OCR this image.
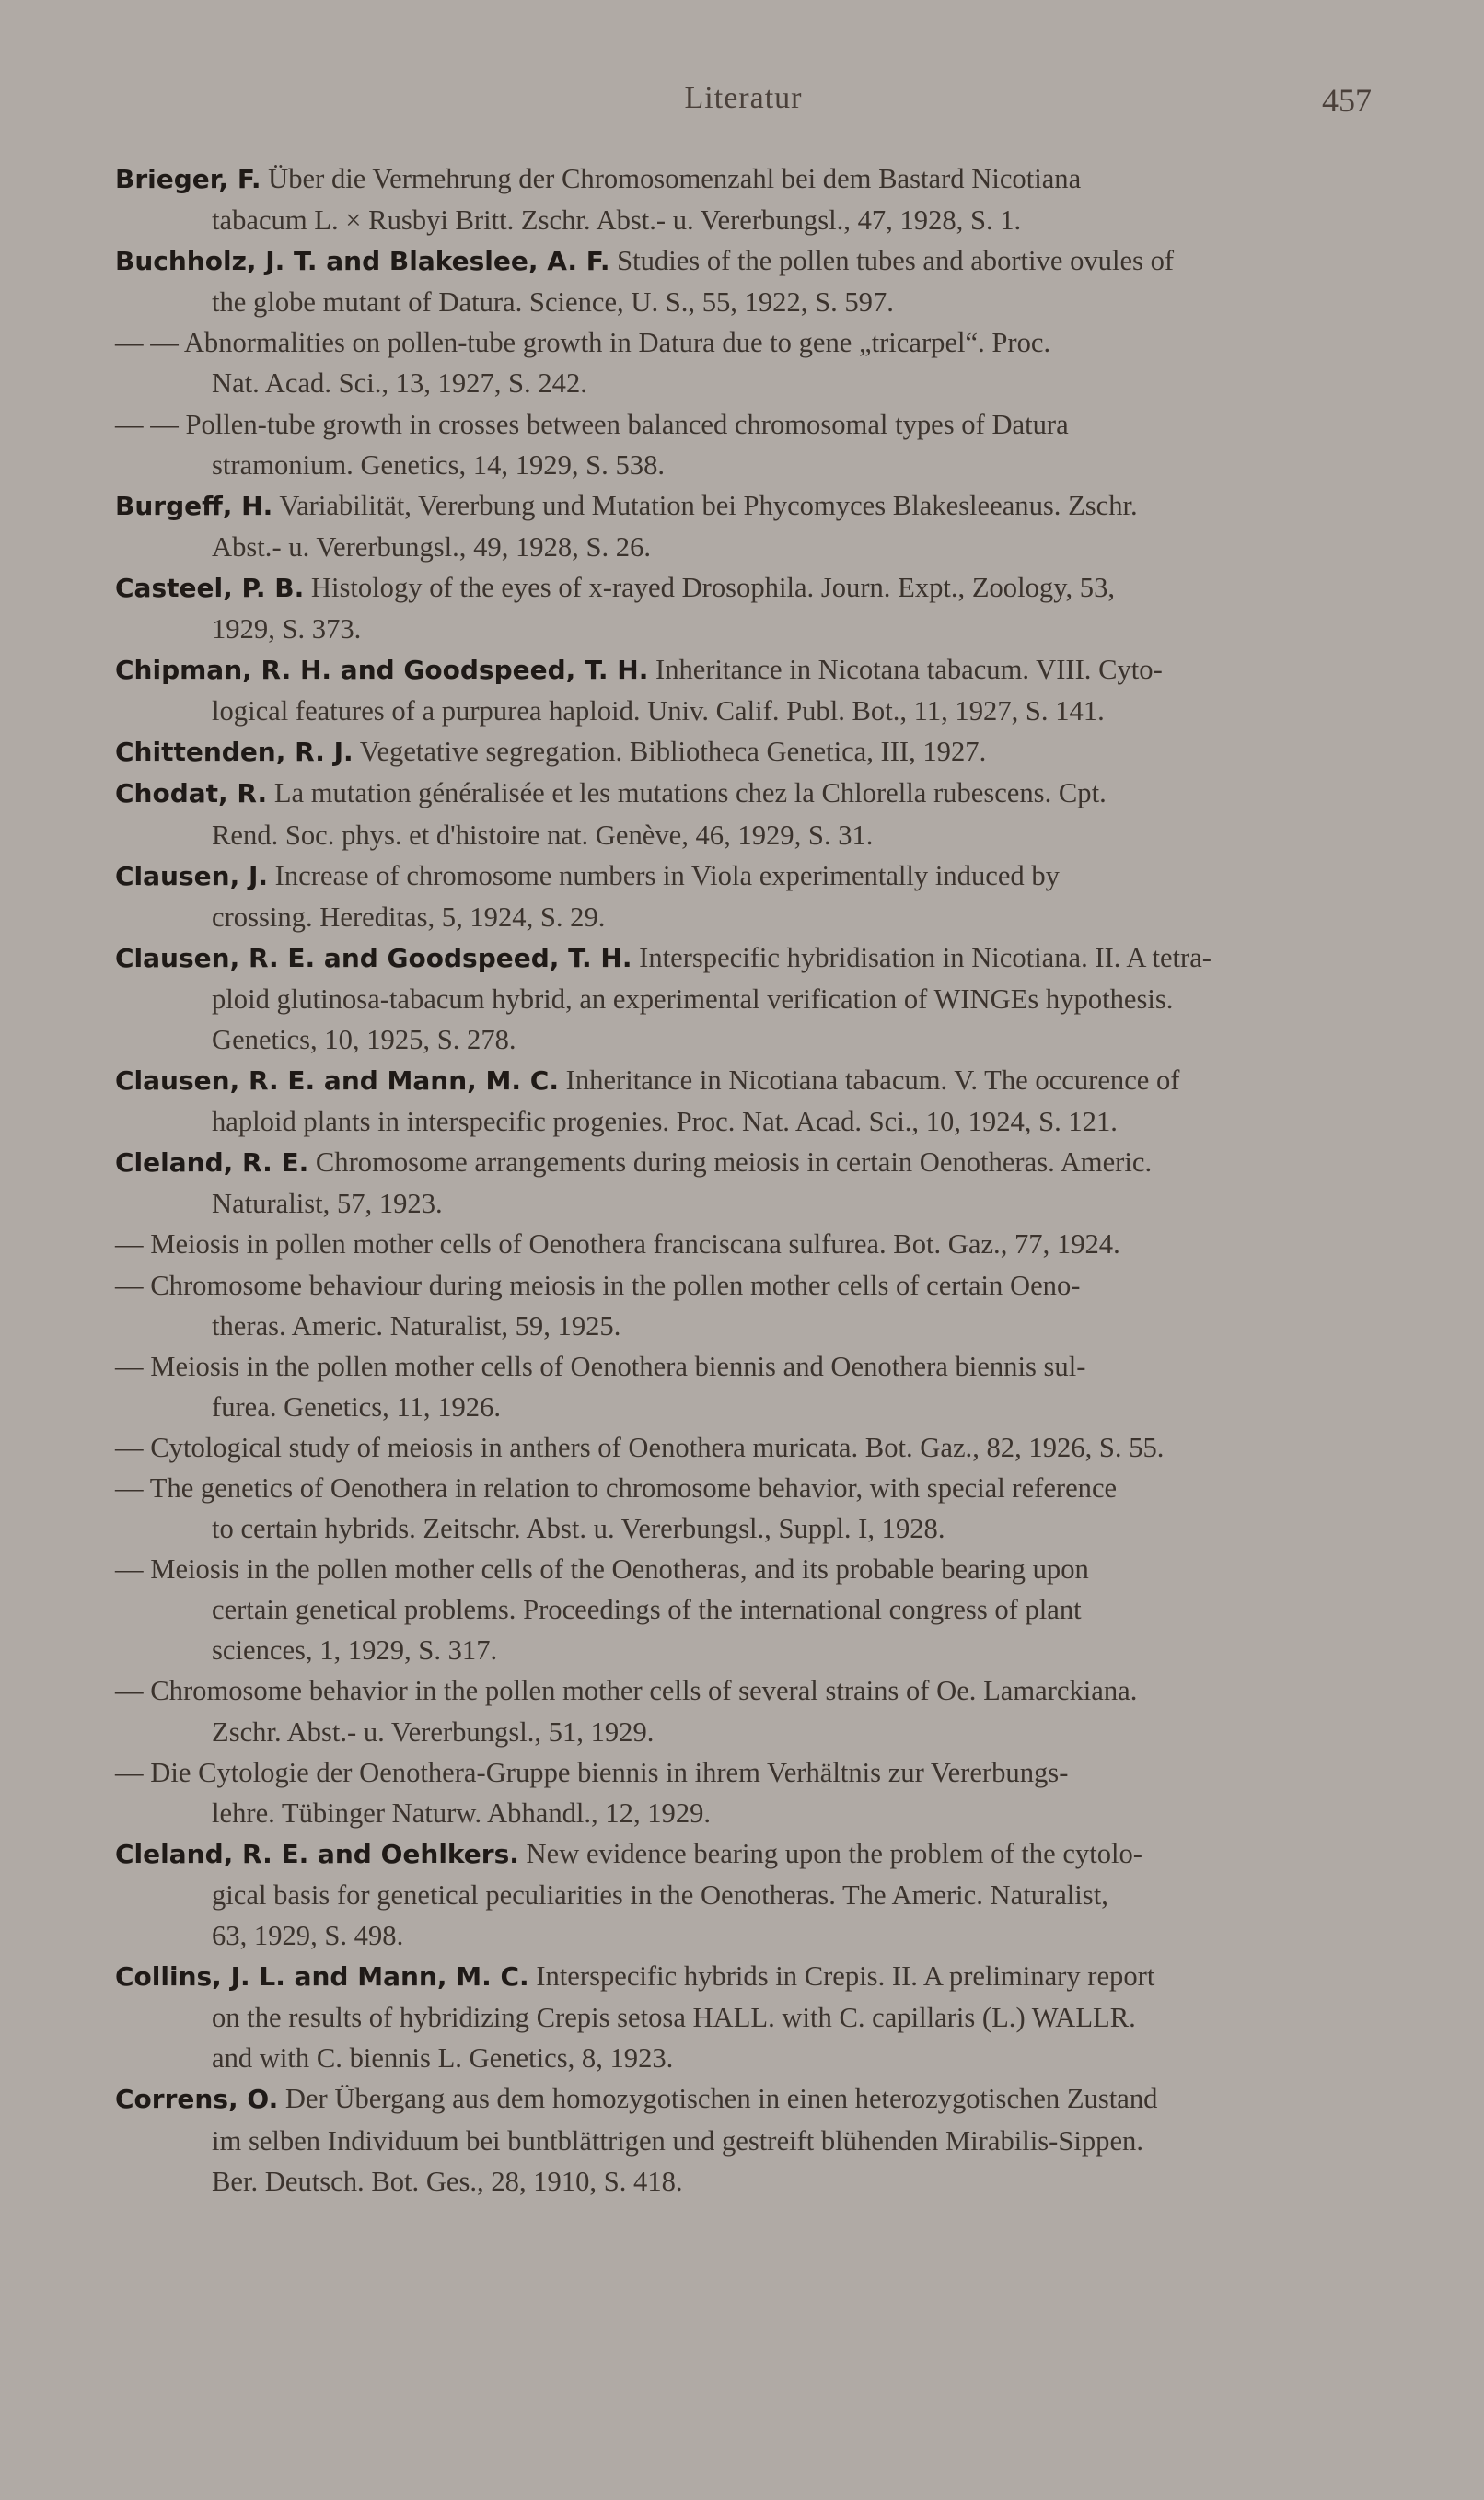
Literatur	457
Brieger, F. Über die Vermehrung der Chromosomenzahl bei dem Bastard Nicotiana
tabacum L. × Rusbyi Britt. Zschr. Abst.- u. Vererbungsl., 47, 1928, S. 1.
Buchholz, J. T. and Blakeslee, A. F. Studies of the pollen tubes and abortive ovules of
the globe mutant of Datura. Science, U. S., 55, 1922, S. 597.
— — Abnormalities on pollen-tube growth in Datura due to gene „tricarpel“. Proc.
Nat. Acad. Sci., 13, 1927, S. 242.
— — Pollen-tube growth in crosses between balanced chromosomal types of Datura
stramonium. Genetics, 14, 1929, S. 538.
Burgeff, H. Variabilität, Vererbung und Mutation bei Phycomyces Blakesleeanus. Zschr.
Abst.- u. Vererbungsl., 49, 1928, S. 26.
Casteel, P. B. Histology of the eyes of x-rayed Drosophila. Journ. Expt., Zoology, 53,
1929, S. 373.
Chipman, R. H. and Goodspeed, T. H. Inheritance in Nicotana tabacum. VIII. Cyto-
logical features of a purpurea haploid. Univ. Calif. Publ. Bot., 11, 1927, S. 141.
Chittenden, R. J. Vegetative segregation. Bibliotheca Genetica, III, 1927.
Chodat, R. La mutation généralisée et les mutations chez la Chlorella rubescens. Cpt.
Rend. Soc. phys. et d'histoire nat. Genève, 46, 1929, S. 31.
Clausen, J. Increase of chromosome numbers in Viola experimentally induced by
crossing. Hereditas, 5, 1924, S. 29.
Clausen, R. E. and Goodspeed, T. H. Interspecific hybridisation in Nicotiana. II. A tetra-
ploid glutinosa-tabacum hybrid, an experimental verification of WINGEs hypothesis.
Genetics, 10, 1925, S. 278.
Clausen, R. E. and Mann, M. C. Inheritance in Nicotiana tabacum. V. The occurence of
haploid plants in interspecific progenies. Proc. Nat. Acad. Sci., 10, 1924, S. 121.
Cleland, R. E. Chromosome arrangements during meiosis in certain Oenotheras. Americ.
Naturalist, 57, 1923.
— Meiosis in pollen mother cells of Oenothera franciscana sulfurea. Bot. Gaz., 77, 1924.
— Chromosome behaviour during meiosis in the pollen mother cells of certain Oeno-
theras. Americ. Naturalist, 59, 1925.
— Meiosis in the pollen mother cells of Oenothera biennis and Oenothera biennis sul-
furea. Genetics, 11, 1926.
— Cytological study of meiosis in anthers of Oenothera muricata. Bot. Gaz., 82, 1926, S. 55.
— The genetics of Oenothera in relation to chromosome behavior, with special reference
to certain hybrids. Zeitschr. Abst. u. Vererbungsl., Suppl. I, 1928.
— Meiosis in the pollen mother cells of the Oenotheras, and its probable bearing upon
certain genetical problems. Proceedings of the international congress of plant
sciences, 1, 1929, S. 317.
— Chromosome behavior in the pollen mother cells of several strains of Oe. Lamarckiana.
Zschr. Abst.- u. Vererbungsl., 51, 1929.
— Die Cytologie der Oenothera-Gruppe biennis in ihrem Verhältnis zur Vererbungs-
lehre. Tübinger Naturw. Abhandl., 12, 1929.
Cleland, R. E. and Oehlkers. New evidence bearing upon the problem of the cytolo-
gical basis for genetical peculiarities in the Oenotheras. The Americ. Naturalist,
63, 1929, S. 498.
Collins, J. L. and Mann, M. C. Interspecific hybrids in Crepis. II. A preliminary report
on the results of hybridizing Crepis setosa HALL. with C. capillaris (L.) WALLR.
and with C. biennis L. Genetics, 8, 1923.
Correns, O. Der Übergang aus dem homozygotischen in einen heterozygotischen Zustand
im selben Individuum bei buntblättrigen und gestreift blühenden Mirabilis-Sippen.
Ber. Deutsch. Bot. Ges., 28, 1910, S. 418.
